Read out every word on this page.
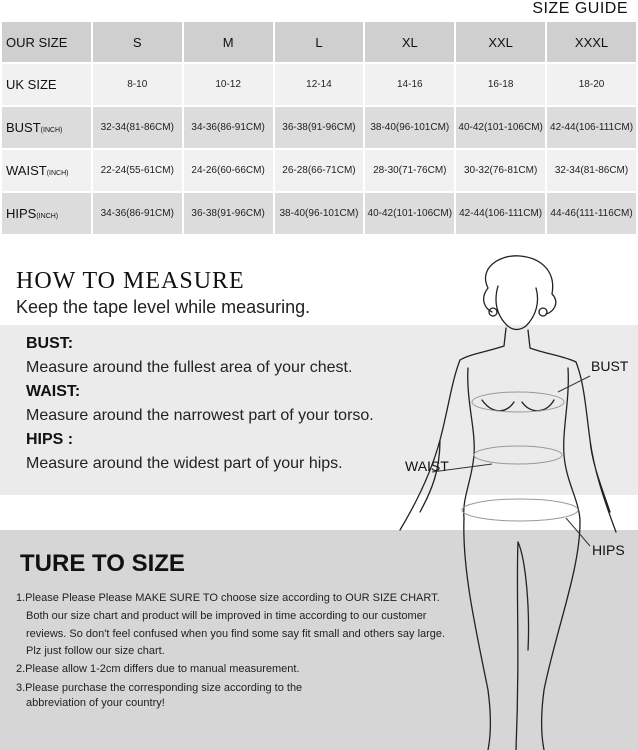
SIZE GUIDE
OUR SIZE	S	M	L	XL	XXL	XXXL
UK SIZE	8-10	10-12	12-14	14-16	16-18	18-20
BUST(INCH)	32-34(81-86CM)	34-36(86-91CM)	36-38(91-96CM)	38-40(96-101CM)	40-42(101-106CM)	42-44(106-111CM)
WAIST(INCH)	22-24(55-61CM)	24-26(60-66CM)	26-28(66-71CM)	28-30(71-76CM)	30-32(76-81CM)	32-34(81-86CM)
HIPS(INCH)	34-36(86-91CM)	36-38(91-96CM)	38-40(96-101CM)	40-42(101-106CM)	42-44(106-111CM)	44-46(111-116CM)
HOW TO MEASURE
Keep the tape level while measuring.
BUST:
Measure around the fullest area of your chest.
WAIST:
Measure around the narrowest part of your torso.
HIPS :
Measure around the widest part of your hips.
BUST
WAIST
HIPS
TURE TO SIZE
1.Please Please Please MAKE SURE TO choose size according to OUR SIZE CHART.
Both our size chart and product will be improved in time according to our customer
reviews. So don't feel confused when you find some say fit small and others say large.
Plz just follow our size chart.
2.Please allow 1-2cm differs due to manual measurement.
3.Please purchase the corresponding size according to the
abbreviation of your country!
